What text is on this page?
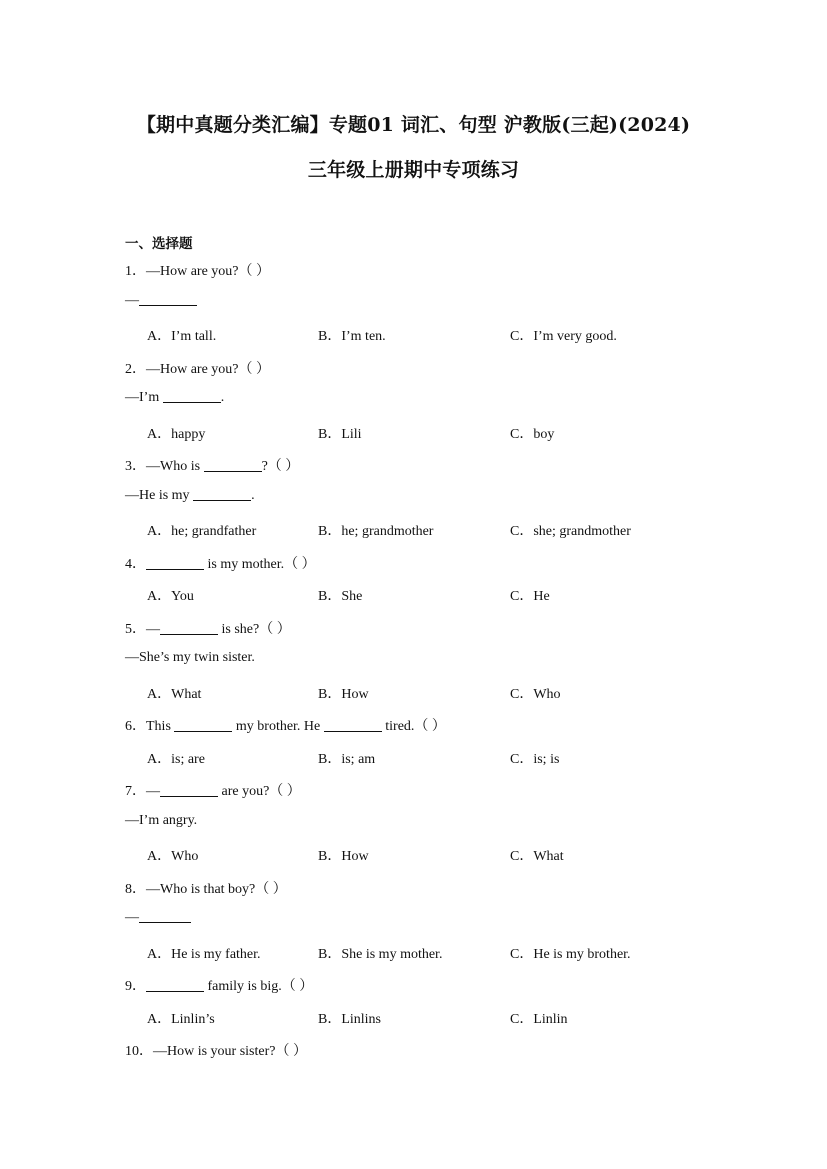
【期中真题分类汇编】专题01 词汇、句型 沪教版(三起)(2024)
三年级上册期中专项练习
一、选择题
1．—How are you?（ ）
—
A．I’m tall.	B．I’m ten.	C．I’m very good.
2．—How are you?（ ）
—I’m	.
A．happy	B．Lili	C．boy
3．—Who is	?（ ）
—He is my	.
A．he; grandfather	B．he; grandmother	C．she; grandmother
4．	is my mother.（ ）
A．You	B．She	C．He
5．—	is she?（ ）
—She’s my twin sister.
A．What	B．How	C．Who
6．This	my brother. He	tired.（ ）
A．is; are	B．is; am	C．is; is
7．—	are you?（ ）
—I’m angry.
A．Who	B．How	C．What
8．—Who is that boy?（ ）
—
A．He is my father.	B．She is my mother.	C．He is my brother.
9．	family is big.（ ）
A．Linlin’s	B．Linlins	C．Linlin
10．—How is your sister?（ ）
